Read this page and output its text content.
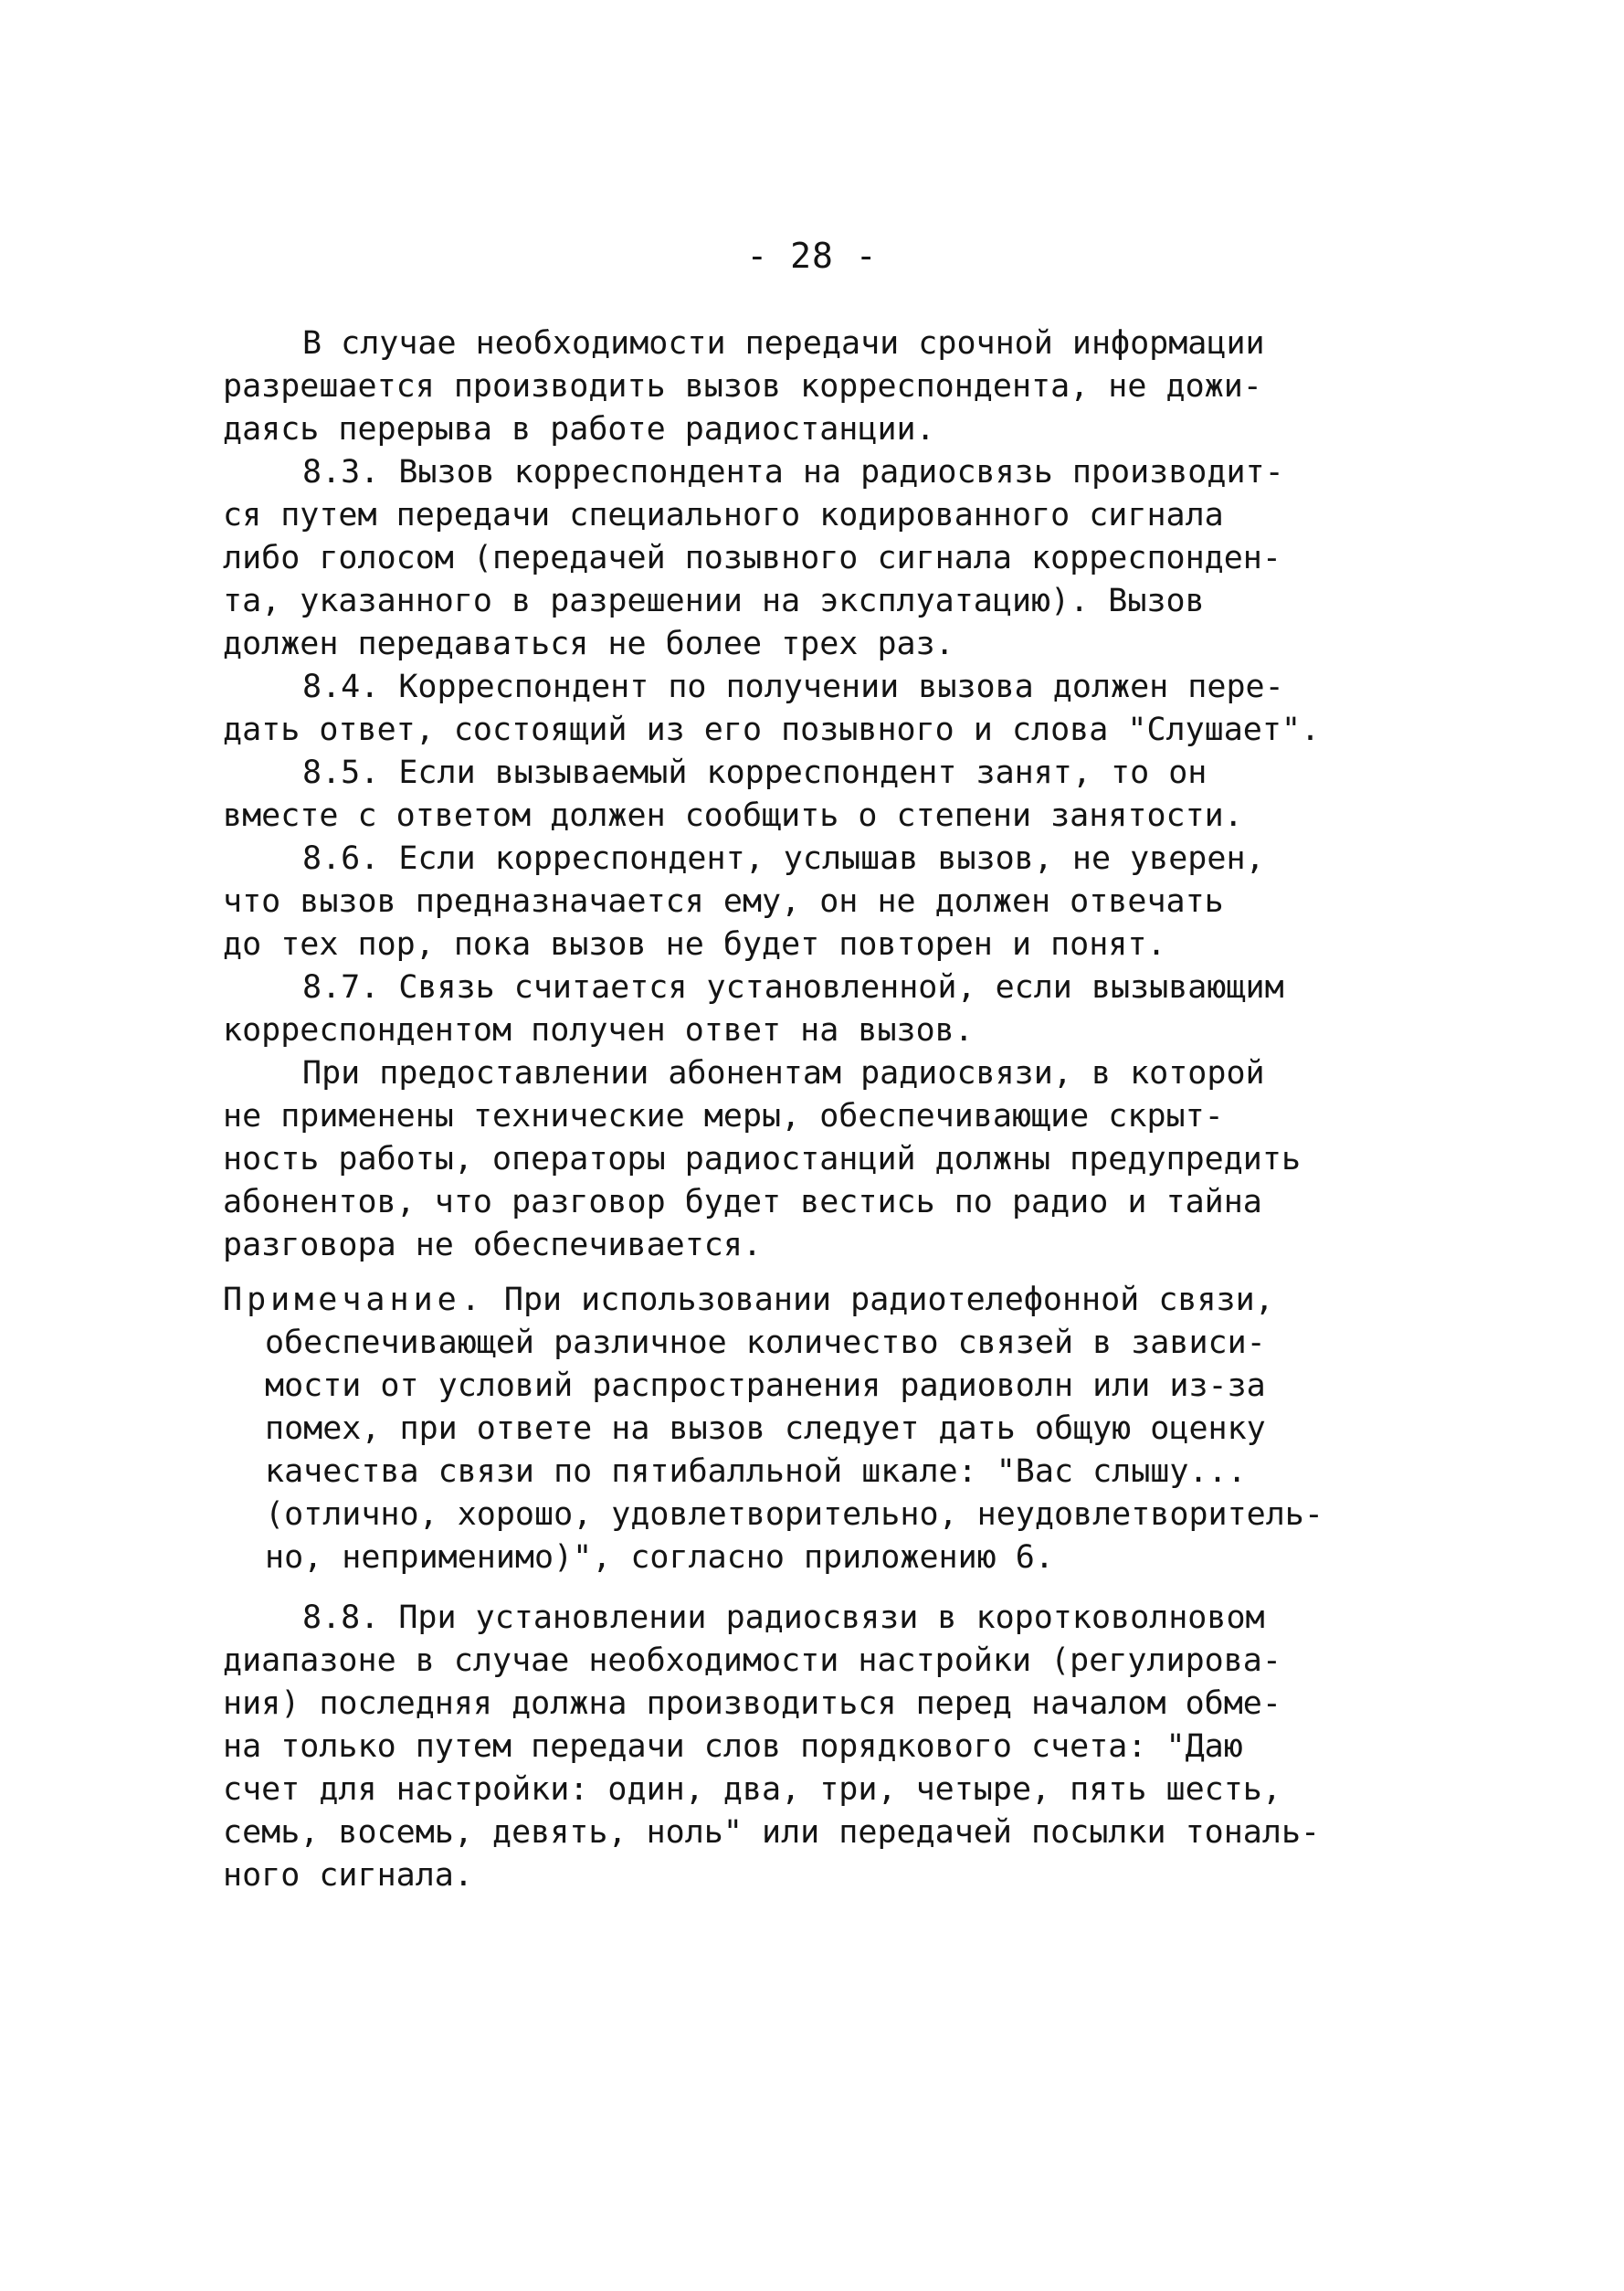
- 28 -
В случае необходимости передачи срочной информации
разрешается производить вызов корреспондента, не дожи-
даясь перерыва в работе радиостанции.
8.3. Вызов корреспондента на радиосвязь производит-
ся путем передачи специального кодированного сигнала
либо голосом (передачей позывного сигнала корреспонден-
та, указанного в разрешении на эксплуатацию). Вызов
должен передаваться не более трех раз.
8.4. Корреспондент по получении вызова должен пере-
дать ответ, состоящий из его позывного и слова "Слушает".
8.5. Если вызываемый корреспондент занят, то он
вместе с ответом должен сообщить о степени занятости.
8.6. Если корреспондент, услышав вызов, не уверен,
что вызов предназначается ему, он не должен отвечать
до тех пор, пока вызов не будет повторен и понят.
8.7. Связь считается установленной, если вызывающим
корреспондентом получен ответ на вызов.
При предоставлении абонентам радиосвязи, в которой
не применены технические меры, обеспечивающие скрыт-
ность работы, операторы радиостанций должны предупредить
абонентов, что разговор будет вестись по радио и тайна
разговора не обеспечивается.
Примечание. При использовании радиотелефонной связи,
обеспечивающей различное количество связей в зависи-
мости от условий распространения радиоволн или из-за
помех, при ответе на вызов следует дать общую оценку
качества связи по пятибалльной шкале: "Вас слышу...
(отлично, хорошо, удовлетворительно, неудовлетворитель-
но, неприменимо)", согласно приложению 6.
8.8. При установлении радиосвязи в коротковолновом
диапазоне в случае необходимости настройки (регулирова-
ния) последняя должна производиться перед началом обме-
на только путем передачи слов порядкового счета: "Даю
счет для настройки: один, два, три, четыре, пять шесть,
семь, восемь, девять, ноль" или передачей посылки тональ-
ного сигнала.
